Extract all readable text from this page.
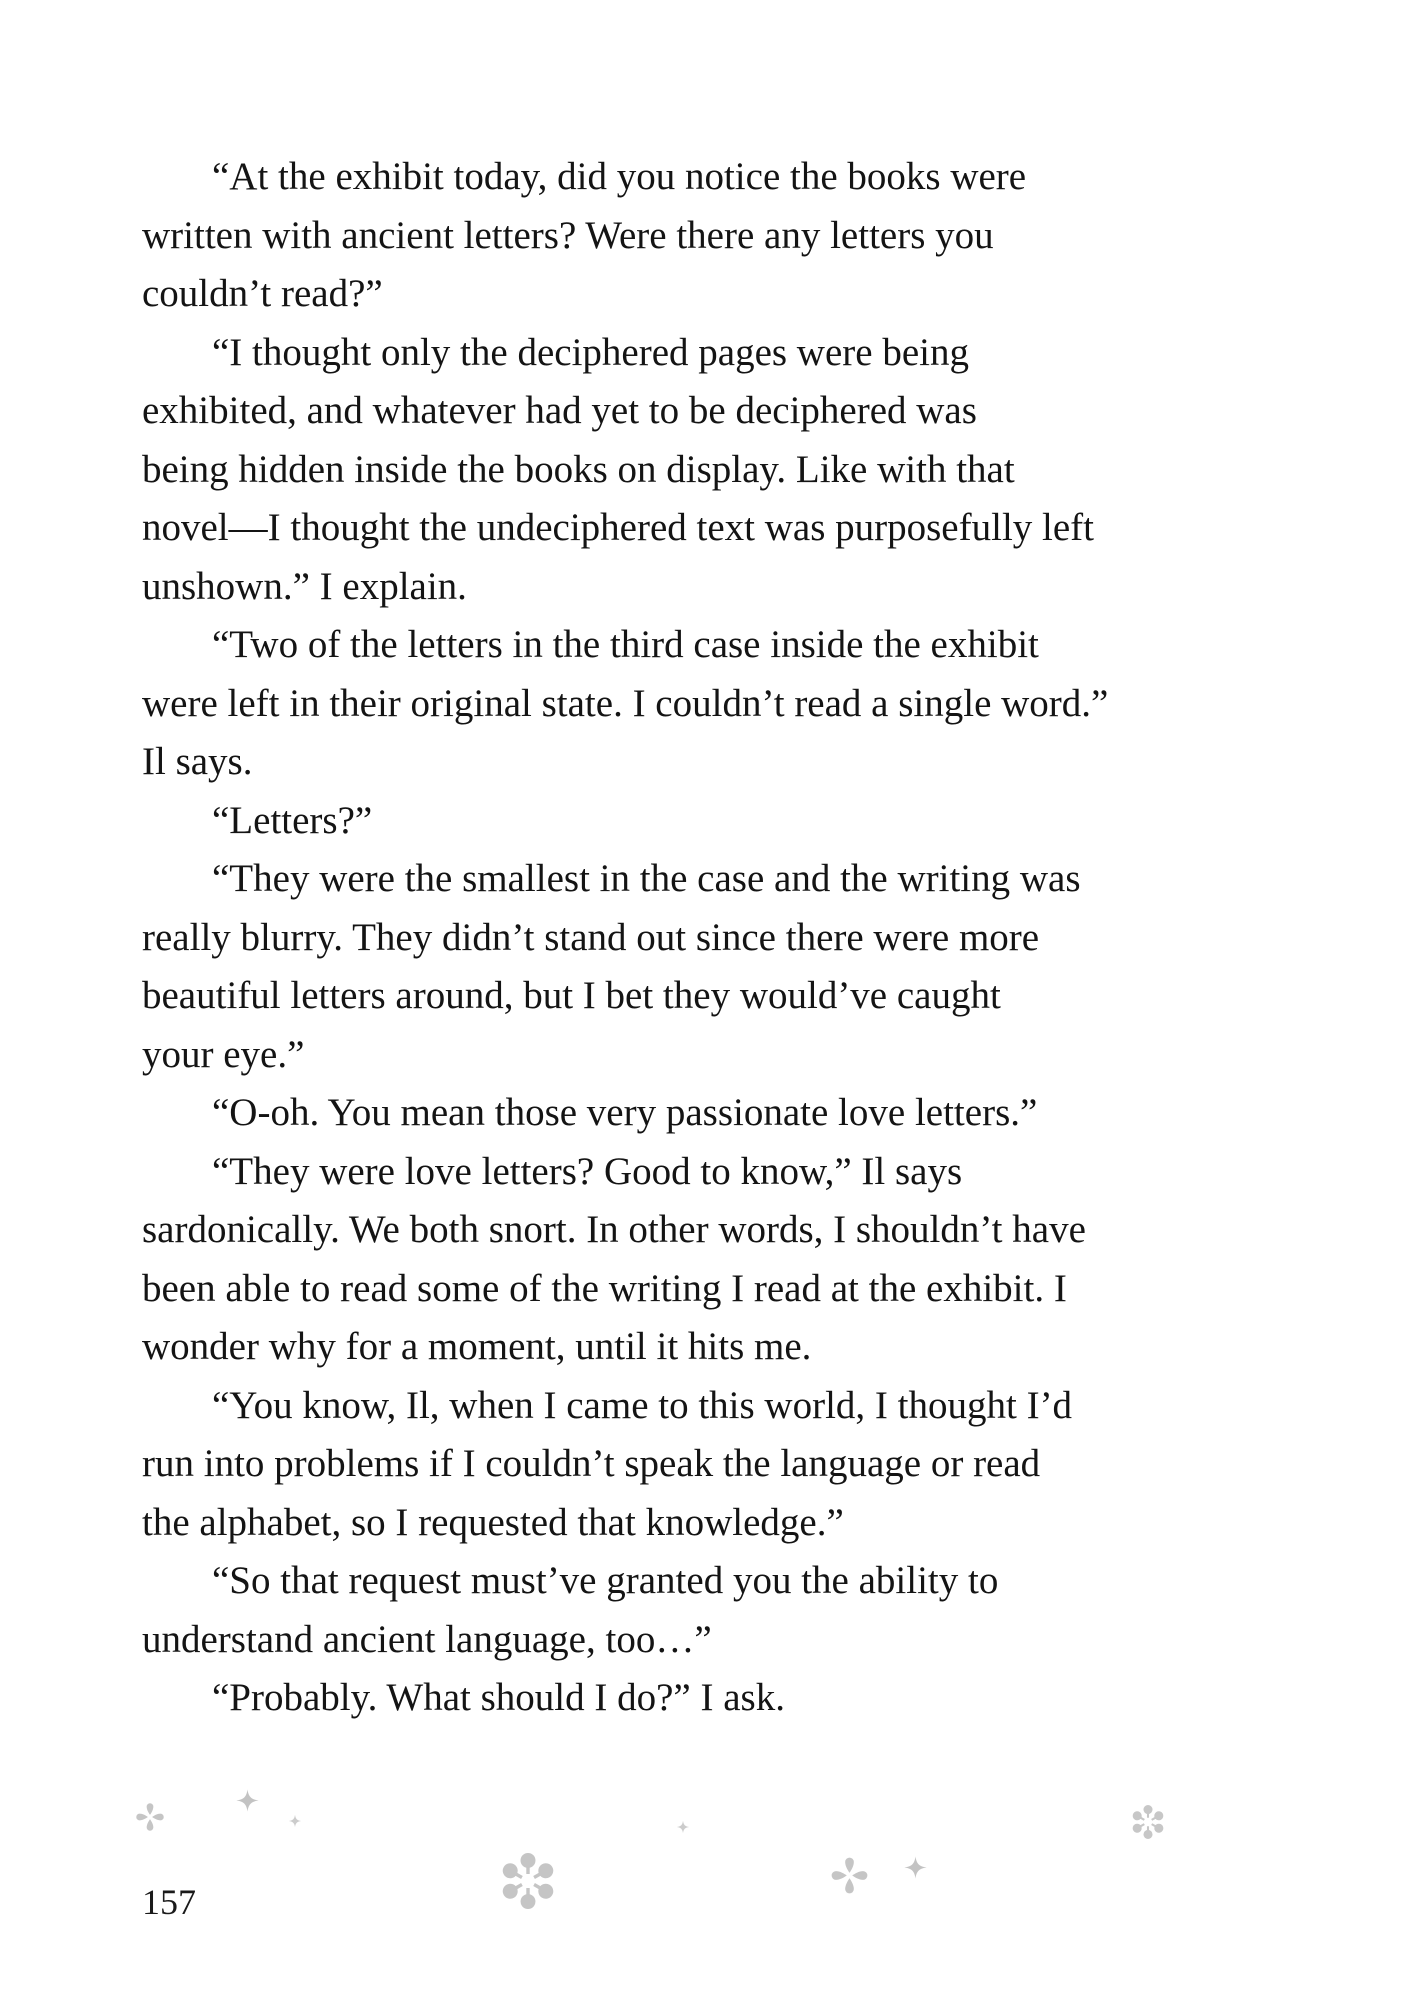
“At the exhibit today, did you notice the books were
written with ancient letters? Were there any letters you
couldn’t read?”
“I thought only the deciphered pages were being
exhibited, and whatever had yet to be deciphered was
being hidden inside the books on display. Like with that
novel—I thought the undeciphered text was purposefully left
unshown.” I explain.
“Two of the letters in the third case inside the exhibit
were left in their original state. I couldn’t read a single word.”
Il says.
“Letters?”
“They were the smallest in the case and the writing was
really blurry. They didn’t stand out since there were more
beautiful letters around, but I bet they would’ve caught
your eye.”
“O-oh. You mean those very passionate love letters.”
“They were love letters? Good to know,” Il says
sardonically. We both snort. In other words, I shouldn’t have
been able to read some of the writing I read at the exhibit. I
wonder why for a moment, until it hits me.
“You know, Il, when I came to this world, I thought I’d
run into problems if I couldn’t speak the language or read
the alphabet, so I requested that knowledge.”
“So that request must’ve granted you the ability to
understand ancient language, too…”
“Probably. What should I do?” I ask.
157
